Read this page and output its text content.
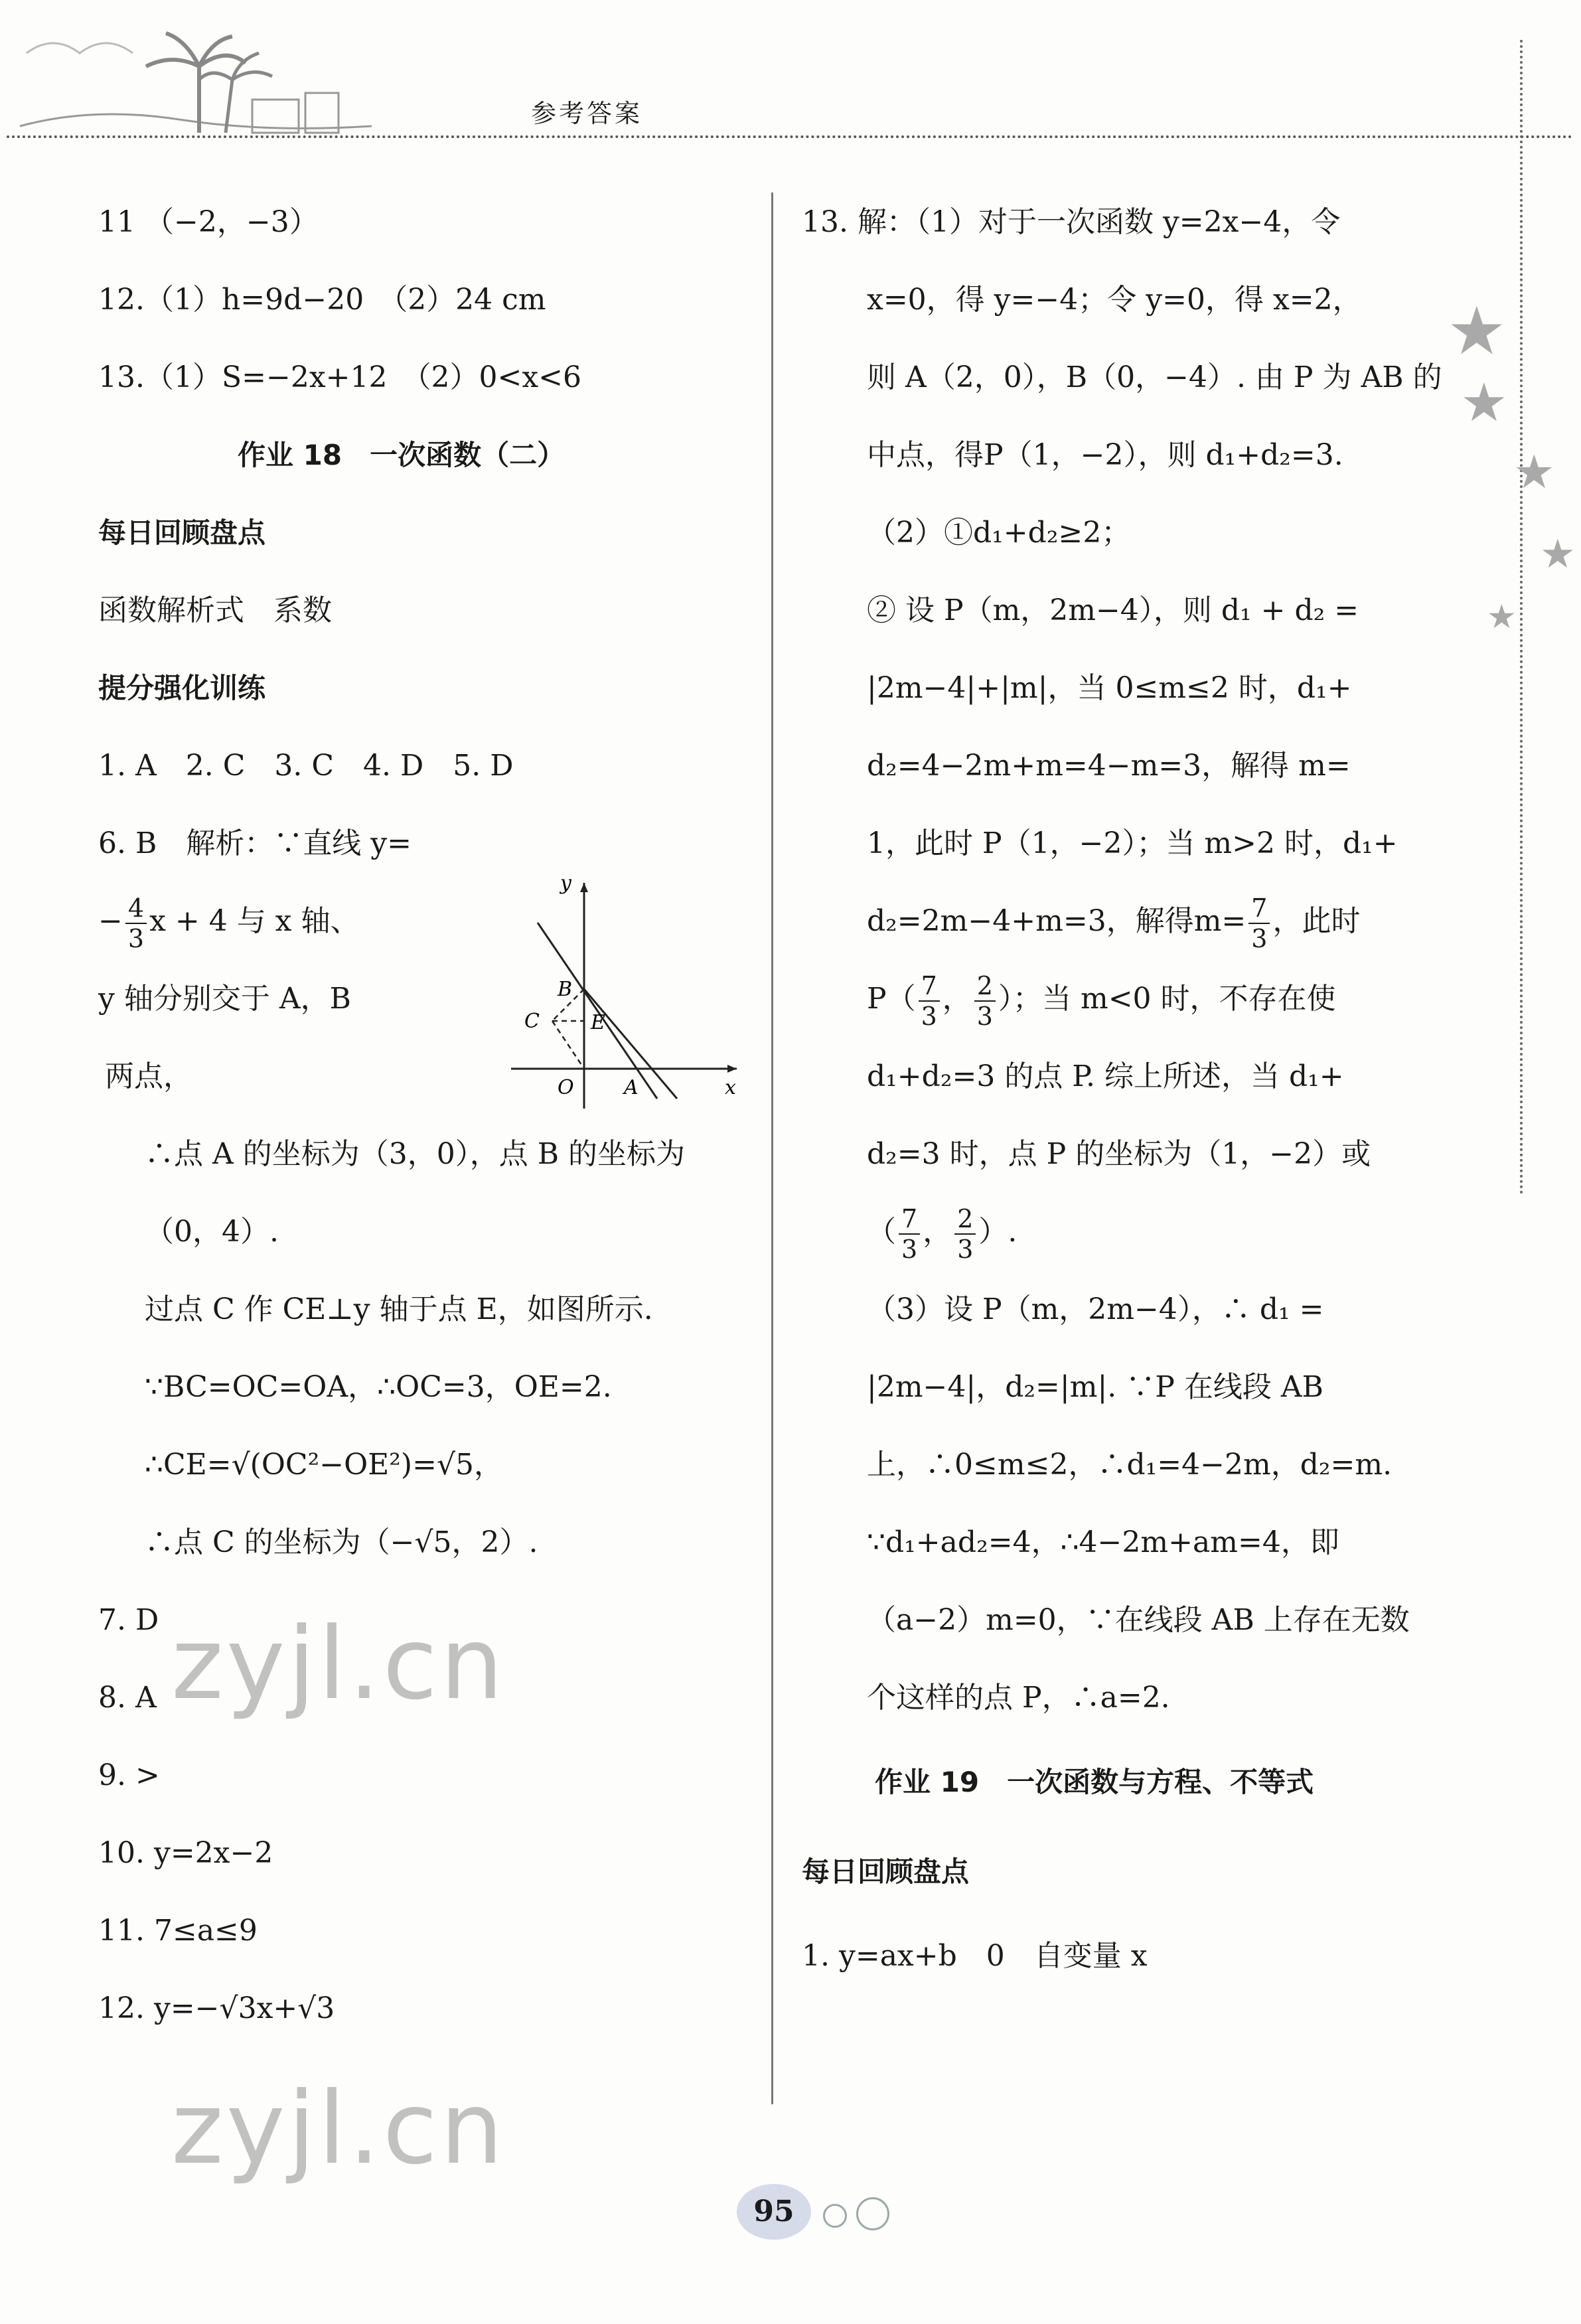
参考答案
★
★
★
★
★
11 （−2，−3）
12.（1）h=9d−20　（2）24 cm
13.（1）S=−2x+12　（2）0<x<6
作业 18　一次函数（二）
每日回顾盘点
函数解析式　系数
提分强化训练
1. A　2. C　3. C　4. D　5. D
6. B　解析：∵直线 y=
− $\frac{4}{3}$ x + 4 与 x 轴、
y 轴分别交于 A，B
两点，
∴点 A 的坐标为（3，0），点 B 的坐标为
（0，4）.
过点 C 作 CE⊥y 轴于点 E，如图所示.
∵BC=OC=OA，∴OC=3，OE=2.
∴CE=√(OC²−OE²)=√5，
∴点 C 的坐标为（−√5，2）.
7. D
8. A
9. >
10. y=2x−2
11. 7≤a≤9
12. y=−√3x+√3
y
x
B
C	E
O	A
13. 解：（1）对于一次函数 y=2x−4，令
x=0，得 y=−4；令 y=0，得 x=2，
则 A（2，0），B（0，−4）. 由 P 为 AB 的
中点，得P（1，−2），则 d₁+d₂=3.
（2）①d₁+d₂≥2；
② 设 P（m，2m−4），则 d₁ + d₂ =
|2m−4|+|m|，当 0≤m≤2 时，d₁+
d₂=4−2m+m=4−m=3，解得 m=
1，此时 P（1，−2）；当 m>2 时，d₁+
d₂=2m−4+m=3，解得$m= \frac{7}{3}$ ，此时
$P( \frac{7}{3}$ ， $\frac{2}{3}$ ）；当 m<0 时，不存在使
d₁+d₂=3 的点 P. 综上所述，当 d₁+
d₂=3 时，点 P 的坐标为（1，−2）或
（ $\frac{7}{3}$ ， $\frac{2}{3}$ ）.
（3）设 P（m，2m−4），∴ d₁ =
|2m−4|，d₂=|m|. ∵P 在线段 AB
上，∴0≤m≤2，∴d₁=4−2m，d₂=m.
∵d₁+ad₂=4，∴4−2m+am=4，即
（a−2）m=0，∵在线段 AB 上存在无数
个这样的点 P，∴a=2.
作业 19　一次函数与方程、不等式
每日回顾盘点
1. y=ax+b　0　自变量 x
zyjl.cn
zyjl.cn
95
